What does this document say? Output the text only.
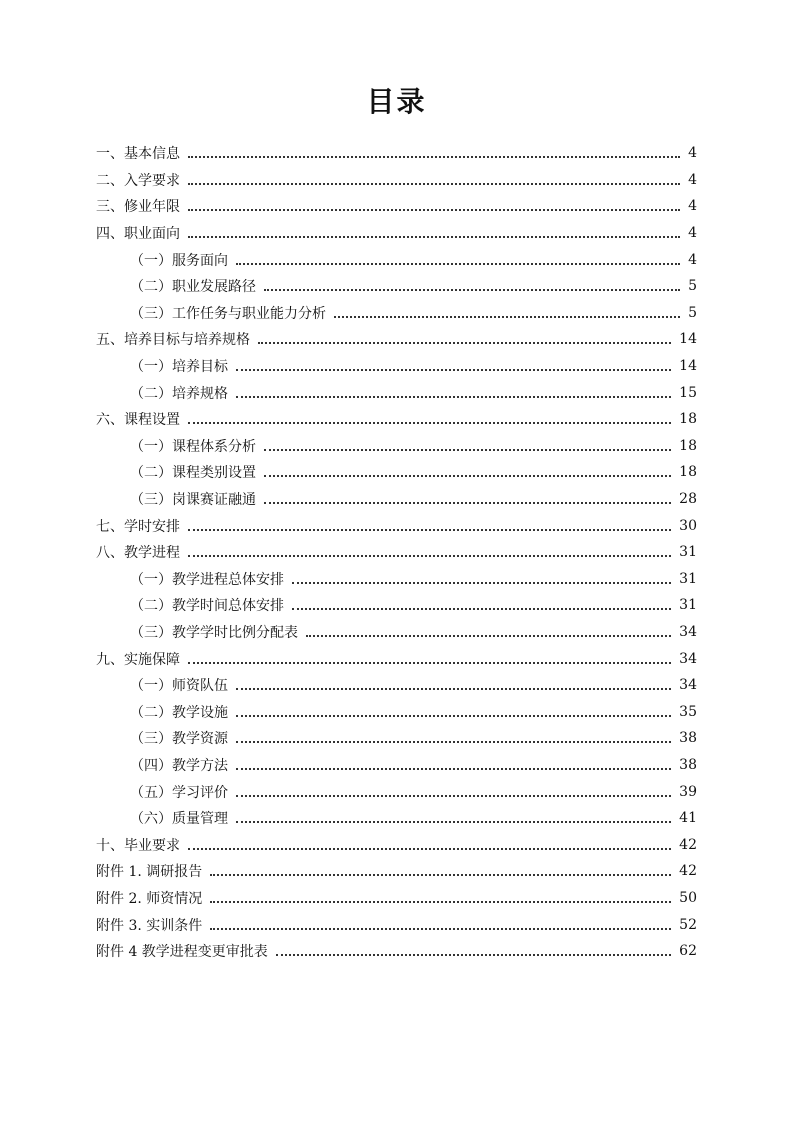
目录
一、基本信息	4
二、入学要求	4
三、修业年限	4
四、职业面向	4
（一）服务面向	4
（二）职业发展路径	5
（三）工作任务与职业能力分析	5
五、培养目标与培养规格	14
（一）培养目标	14
（二）培养规格	15
六、课程设置	18
（一）课程体系分析	18
（二）课程类别设置	18
（三）岗课赛证融通	28
七、学时安排	30
八、教学进程	31
（一）教学进程总体安排	31
（二）教学时间总体安排	31
（三）教学学时比例分配表	34
九、实施保障	34
（一）师资队伍	34
（二）教学设施	35
（三）教学资源	38
（四）教学方法	38
（五）学习评价	39
（六）质量管理	41
十、毕业要求	42
附件 1. 调研报告	42
附件 2. 师资情况	50
附件 3. 实训条件	52
附件 4 教学进程变更审批表	62
